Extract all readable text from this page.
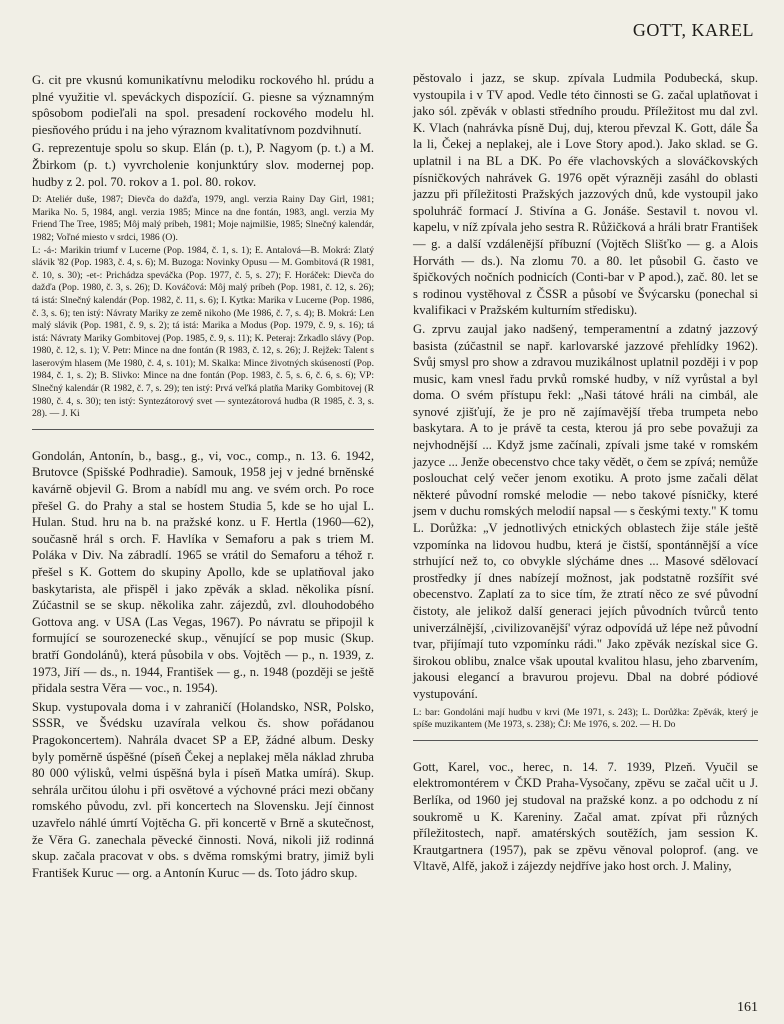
GOTT, KAREL

G. cit pre vkusnú komunikatívnu melodiku rockového hl. prúdu a plné využitie vl. speváckych dispozícií. G. piesne sa významným spôsobom podieľali na spol. presadení rockového modelu hl. piesňového prúdu i na jeho výraznom kvalitatívnom pozdvihnutí.

G. reprezentuje spolu so skup. Elán (p. t.), P. Nagyom (p. t.) a M. Žbirkom (p. t.) vyvrcholenie konjunktúry slov. modernej pop. hudby z 2. pol. 70. rokov a 1. pol. 80. rokov.

D: Ateliér duše, 1987; Dievča do dažďa, 1979, angl. verzia Rainy Day Girl, 1981; Marika No. 5, 1984, angl. verzia 1985; Mince na dne fontán, 1983, angl. verzia My Friend The Tree, 1985; Môj malý príbeh, 1981; Moje najmilšie, 1985; Slnečný kalendár, 1982; Voľné miesto v srdci, 1986 (O).

L: -á-: Marikin triumf v Lucerne (Pop. 1984, č. 1, s. 1); E. Antalová—B. Mokrá: Zlatý slávik '82 (Pop. 1983, č. 4, s. 6); M. Buzoga: Novinky Opusu — M. Gombitová (R 1981, č. 10, s. 30); -et-: Prichádza speváčka (Pop. 1977, č. 5, s. 27); F. Horáček: Dievča do dažďa (Pop. 1980, č. 3, s. 26); D. Kováčová: Môj malý príbeh (Pop. 1981, č. 12, s. 26); tá istá: Slnečný kalendár (Pop. 1982, č. 11, s. 6); I. Kytka: Marika v Lucerne (Pop. 1986, č. 3, s. 6); ten istý: Návraty Mariky ze země nikoho (Me 1986, č. 7, s. 4); B. Mokrá: Len malý slávik (Pop. 1981, č. 9, s. 2); tá istá: Marika a Modus (Pop. 1979, č. 9, s. 16); tá istá: Návraty Mariky Gombitovej (Pop. 1985, č. 9, s. 11); K. Peteraj: Zrkadlo slávy (Pop. 1980, č. 12, s. 1); V. Petr: Mince na dne fontán (R 1983, č. 12, s. 26); J. Rejžek: Talent s laserovým hlasem (Me 1980, č. 4, s. 101); M. Skalka: Mince životných skúseností (Pop. 1984, č. 1, s. 2); B. Slivko: Mince na dne fontán (Pop. 1983, č. 5, s. 6, č. 6, s. 6); VP: Slnečný kalendár (R 1982, č. 7, s. 29); ten istý: Prvá veľká platňa Mariky Gombitovej (R 1980, č. 4, s. 30); ten istý: Syntezátorový svet — syntezátorová hudba (R 1985, č. 3, s. 28). — J. Ki

Gondolán, Antonín, b., basg., g., vi, voc., comp., n. 13. 6. 1942, Brutovce (Spišské Podhradie). Samouk, 1958 jej v jedné brněnské kavárně objevil G. Brom a nabídl mu ang. ve svém orch. Po roce přešel G. do Prahy a stal se hostem Studia 5, kde se ho ujal L. Hulan. Stud. hru na b. na pražské konz. u F. Hertla (1960—62), současně hrál s orch. F. Havlíka v Semaforu a pak s triem M. Poláka v Div. Na zábradlí. 1965 se vrátil do Semaforu a téhož r. přešel s K. Gottem do skupiny Apollo, kde se uplatňoval jako baskytarista, ale přispěl i jako zpěvák a sklad. několika písní. Zúčastnil se se skup. několika zahr. zájezdů, zvl. dlouhodobého Gottova ang. v USA (Las Vegas, 1967). Po návratu se připojil k formující se sourozenecké skup., věnující se pop music (Skup. bratří Gondolánů), která působila v obs. Vojtěch — p., n. 1939, z. 1973, Jiří — ds., n. 1944, František — g., n. 1948 (později se ještě přidala sestra Věra — voc., n. 1954).

Skup. vystupovala doma i v zahraničí (Holandsko, NSR, Polsko, SSSR, ve Švédsku uzavírala velkou čs. show pořádanou Pragokoncertem). Nahrála dvacet SP a EP, žádné album. Desky byly poměrně úspěšné (píseň Čekej a neplakej měla náklad zhruba 80 000 výlisků, velmi úspěšná byla i píseň Matka umírá). Skup. sehrála určitou úlohu i při osvětové a výchovné práci mezi občany romského původu, zvl. při koncertech na Slovensku. Její činnost uzavřelo náhlé úmrtí Vojtěcha G. při koncertě v Brně a skutečnost, že Věra G. zanechala pěvecké činnosti. Nová, nikoli již rodinná skup. začala pracovat v obs. s dvěma romskými bratry, jimiž byli František Kuruc — org. a Antonín Kuruc — ds. Toto jádro skup.

pěstovalo i jazz, se skup. zpívala Ludmila Podubecká, skup. vystoupila i v TV apod. Vedle této činnosti se G. začal uplatňovat i jako sól. zpěvák v oblasti středního proudu. Příležitost mu dal zvl. K. Vlach (nahrávka písně Duj, duj, kterou převzal K. Gott, dále Ša la li, Čekej a neplakej, ale i Love Story apod.). Jako sklad. se G. uplatnil i na BL a DK. Po éře vlachovských a slováčkovských písničkových nahrávek G. 1976 opět výrazněji zasáhl do oblasti jazzu při příležitosti Pražských jazzových dnů, kde vystoupil jako spoluhráč formací J. Stivína a G. Jonáše. Sestavil t. novou vl. kapelu, v níž zpívala jeho sestra R. Růžičková a hráli bratr František — g. a další vzdálenější příbuzní (Vojtěch Slišťko — g. a Alois Horváth — ds.). Na zlomu 70. a 80. let působil G. často ve špičkových nočních podnicích (Conti-bar v P apod.), zač. 80. let se s rodinou vystěhoval z ČSSR a působí ve Švýcarsku (ponechal si kvalifikaci v Pražském kulturním středisku).

G. zprvu zaujal jako nadšený, temperamentní a zdatný jazzový basista (zúčastnil se např. karlovarské jazzové přehlídky 1962). Svůj smysl pro show a zdravou muzikálnost uplatnil později i v pop music, kam vnesl řadu prvků romské hudby, v níž vyrůstal a byl doma. O svém přístupu řekl: „Naši tátové hráli na cimbál, ale synové zjišťují, že je pro ně zajímavější třeba trumpeta nebo baskytara. A to je právě ta cesta, kterou já pro sebe považuji za nejvhodnější ... Když jsme začínali, zpívali jsme také v romském jazyce ... Jenže obecenstvo chce taky vědět, o čem se zpívá; nemůže poslouchat celý večer jenom exotiku. A proto jsme začali dělat některé původní romské melodie — nebo takové písničky, které jsem v duchu romských melodií napsal — s českými texty." K tomu L. Dorůžka: „V jednotlivých etnických oblastech žije stále ještě vzpomínka na lidovou hudbu, která je čistší, spontánnější a více strhující než to, co obvykle slýcháme dnes ... Masové sdělovací prostředky jí dnes nabízejí možnost, jak podstatně rozšířit své obecenstvo. Zaplatí za to sice tím, že ztratí něco ze své původní čistoty, ale jelikož další generaci jejích původních tvůrců tento univerzálnější, ‚civilizovanější' výraz odpovídá už lépe než původní tvar, přijímají tuto vzpomínku rádi." Jako zpěvák nezískal sice G. širokou oblibu, znalce však upoutal kvalitou hlasu, jeho zbarvením, jakousi elegancí a bravurou projevu. Dbal na dobré pódiové vystupování.

L: bar: Gondoláni mají hudbu v krvi (Me 1971, s. 243); L. Dorůžka: Zpěvák, který je spíše muzikantem (Me 1973, s. 238); ČJ: Me 1976, s. 202. — H. Do

Gott, Karel, voc., herec, n. 14. 7. 1939, Plzeň. Vyučil se elektromontérem v ČKD Praha-Vysočany, zpěvu se začal učit u J. Berlíka, od 1960 jej studoval na pražské konz. a po odchodu z ní soukromě u K. Kareniny. Začal amat. zpívat při různých příležitostech, např. amatérských soutěžích, jam session K. Krautgartnera (1957), pak se zpěvu věnoval poloprof. (ang. ve Vltavě, Alfě, jakož i zájezdy nejdříve jako host orch. J. Maliny,

161
